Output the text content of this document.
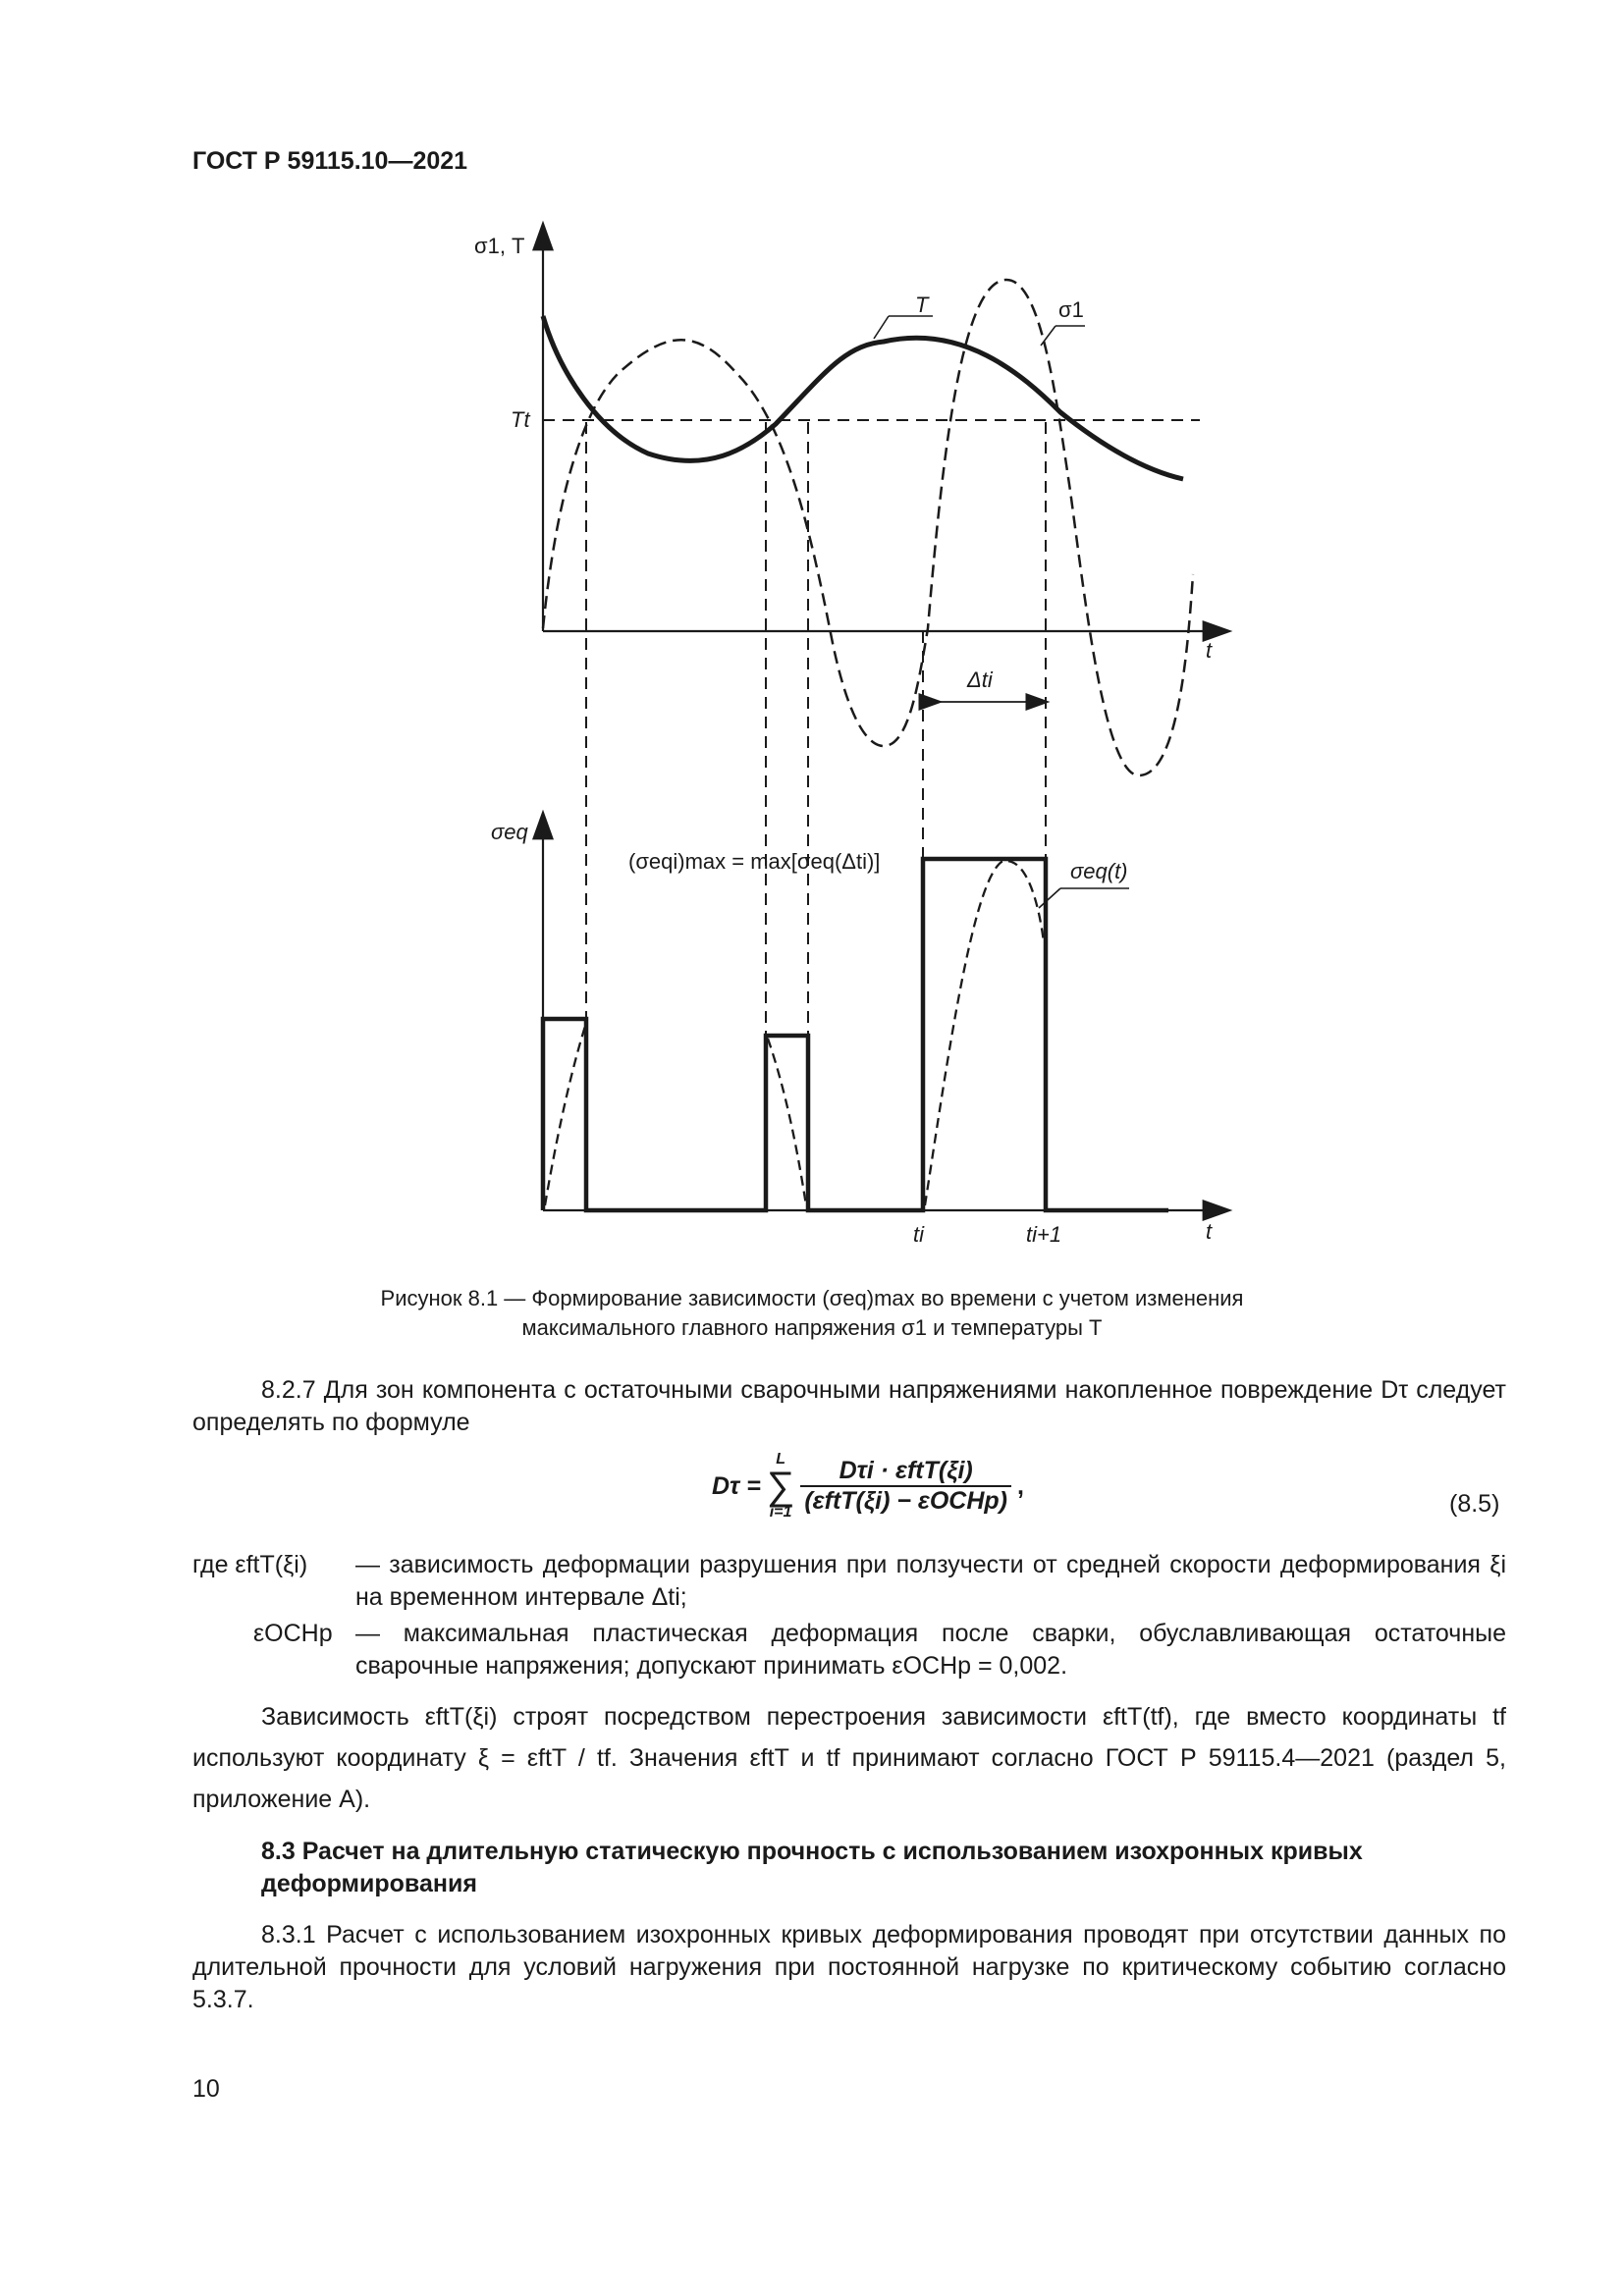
ГОСТ Р 59115.10—2021
σ1, T
t
Tt
T	σ1
Δti
σeq
t
(σeqi)max = max[σeq(Δti)]	σeq(t)
ti	ti+1
Рисунок 8.1 — Формирование зависимости (σeq)max во времени с учетом изменения
максимального главного напряжения σ1 и температуры T
8.2.7 Для зон компонента с остаточными сварочными напряжениями накопленное повреждение Dτ следует определять по формуле
Dτ =
L
∑
$i=1 \frac{\text{Dτi · εftT(ξi)}}{\text{(εftT(ξi) − εОСНp)}}$ ,
(8.5)
где εftT(ξi) — зависимость деформации разрушения при ползучести от средней скорости деформирования ξi на временном интервале Δti;
εОСНp — максимальная пластическая деформация после сварки, обуславливающая остаточные сварочные напряжения; допускают принимать εОСНp = 0,002.
Зависимость εftT(ξi) строят посредством перестроения зависимости εftT(tf), где вместо координаты tf используют координату ξ = εftT / tf. Значения εftT и tf принимают согласно ГОСТ Р 59115.4—2021 (раздел 5, приложение А).
8.3 Расчет на длительную статическую прочность с использованием изохронных кривых деформирования
8.3.1 Расчет с использованием изохронных кривых деформирования проводят при отсутствии данных по длительной прочности для условий нагружения при постоянной нагрузке по критическому событию согласно 5.3.7.
10
